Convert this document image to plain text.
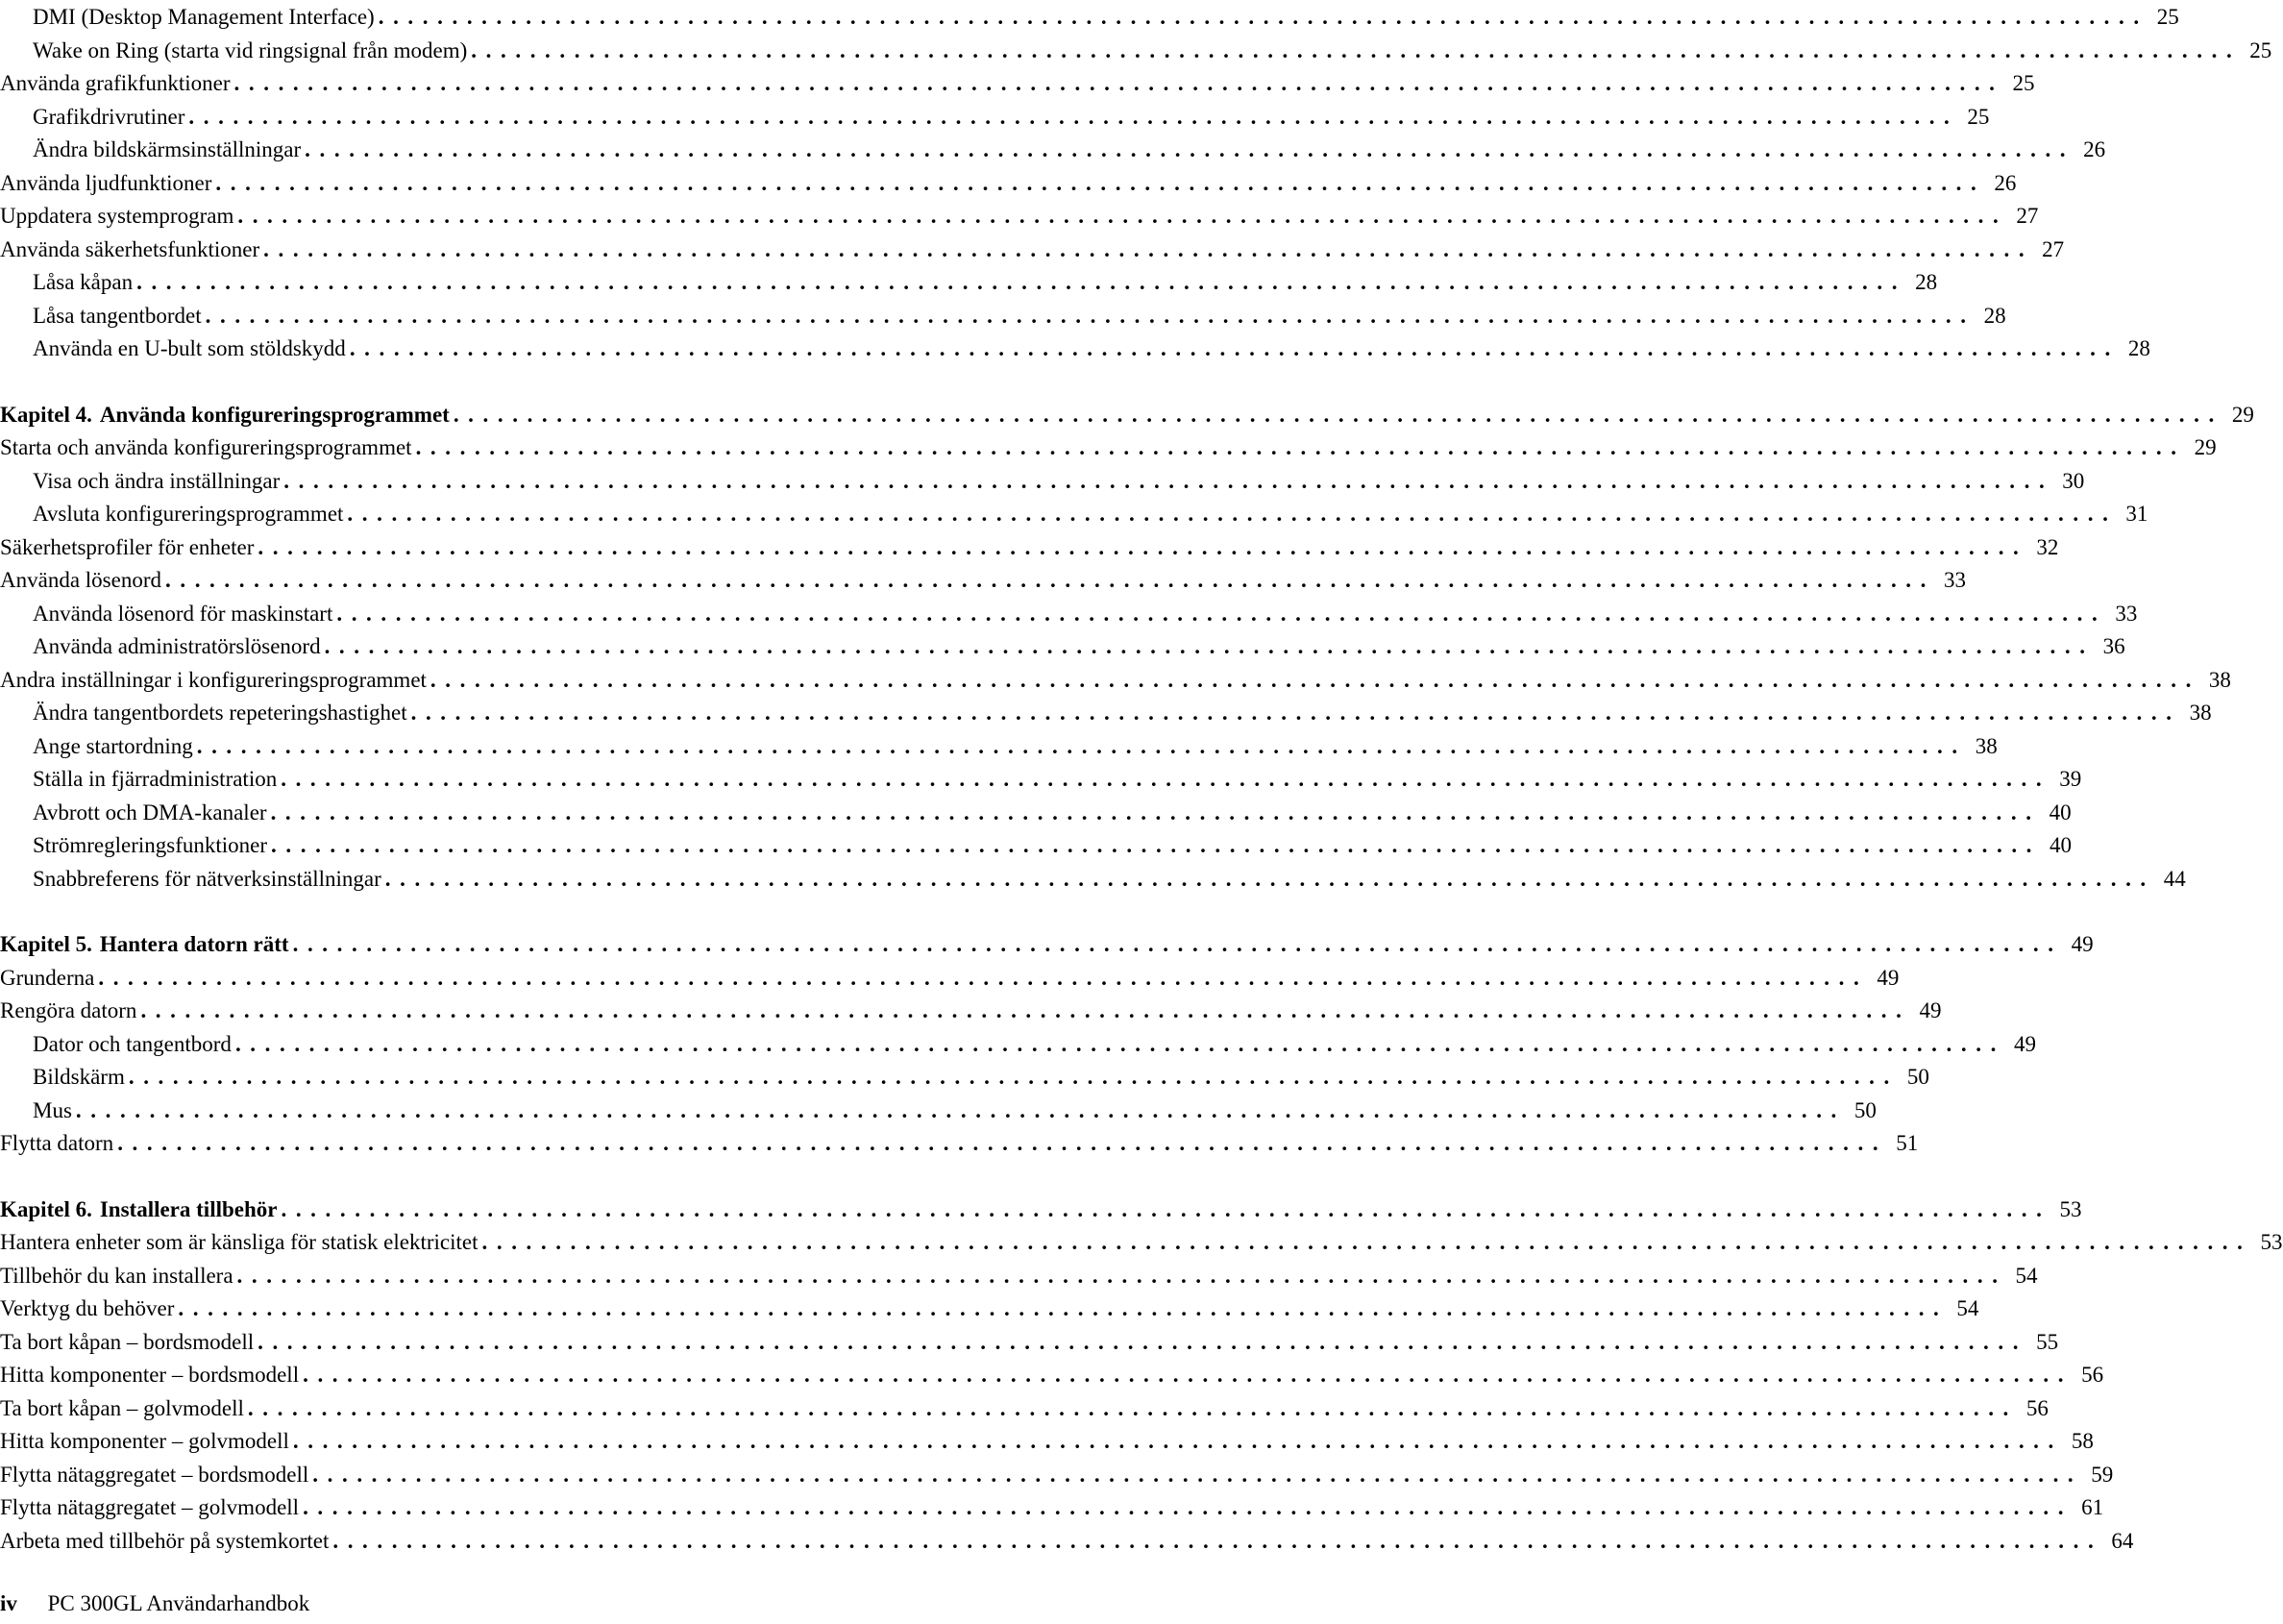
DMI (Desktop Management Interface) ........................................................................................................................ 25
Wake on Ring (starta vid ringsignal från modem) ........................................................................................................................ 25
Använda grafikfunktioner ........................................................................................................................ 25
Grafikdrivrutiner ........................................................................................................................ 25
Ändra bildskärmsinställningar ........................................................................................................................ 26
Använda ljudfunktioner ........................................................................................................................ 26
Uppdatera systemprogram ........................................................................................................................ 27
Använda säkerhetsfunktioner ........................................................................................................................ 27
Låsa kåpan ........................................................................................................................ 28
Låsa tangentbordet ........................................................................................................................ 28
Använda en U-bult som stöldskydd ........................................................................................................................ 28
Kapitel 4. Använda konfigureringsprogrammet ........................................................................................................................ 29
Starta och använda konfigureringsprogrammet ........................................................................................................................ 29
Visa och ändra inställningar ........................................................................................................................ 30
Avsluta konfigureringsprogrammet ........................................................................................................................ 31
Säkerhetsprofiler för enheter ........................................................................................................................ 32
Använda lösenord ........................................................................................................................ 33
Använda lösenord för maskinstart ........................................................................................................................ 33
Använda administratörslösenord ........................................................................................................................ 36
Andra inställningar i konfigureringsprogrammet ........................................................................................................................ 38
Ändra tangentbordets repeteringshastighet ........................................................................................................................ 38
Ange startordning ........................................................................................................................ 38
Ställa in fjärradministration ........................................................................................................................ 39
Avbrott och DMA-kanaler ........................................................................................................................ 40
Strömregleringsfunktioner ........................................................................................................................ 40
Snabbreferens för nätverksinställningar ........................................................................................................................ 44
Kapitel 5. Hantera datorn rätt ........................................................................................................................ 49
Grunderna ........................................................................................................................ 49
Rengöra datorn ........................................................................................................................ 49
Dator och tangentbord ........................................................................................................................ 49
Bildskärm ........................................................................................................................ 50
Mus ........................................................................................................................ 50
Flytta datorn ........................................................................................................................ 51
Kapitel 6. Installera tillbehör ........................................................................................................................ 53
Hantera enheter som är känsliga för statisk elektricitet ........................................................................................................................ 53
Tillbehör du kan installera ........................................................................................................................ 54
Verktyg du behöver ........................................................................................................................ 54
Ta bort kåpan – bordsmodell ........................................................................................................................ 55
Hitta komponenter – bordsmodell ........................................................................................................................ 56
Ta bort kåpan – golvmodell ........................................................................................................................ 56
Hitta komponenter – golvmodell ........................................................................................................................ 58
Flytta nätaggregatet – bordsmodell ........................................................................................................................ 59
Flytta nätaggregatet – golvmodell ........................................................................................................................ 61
Arbeta med tillbehör på systemkortet ........................................................................................................................ 64
iv PC 300GL Användarhandbok
